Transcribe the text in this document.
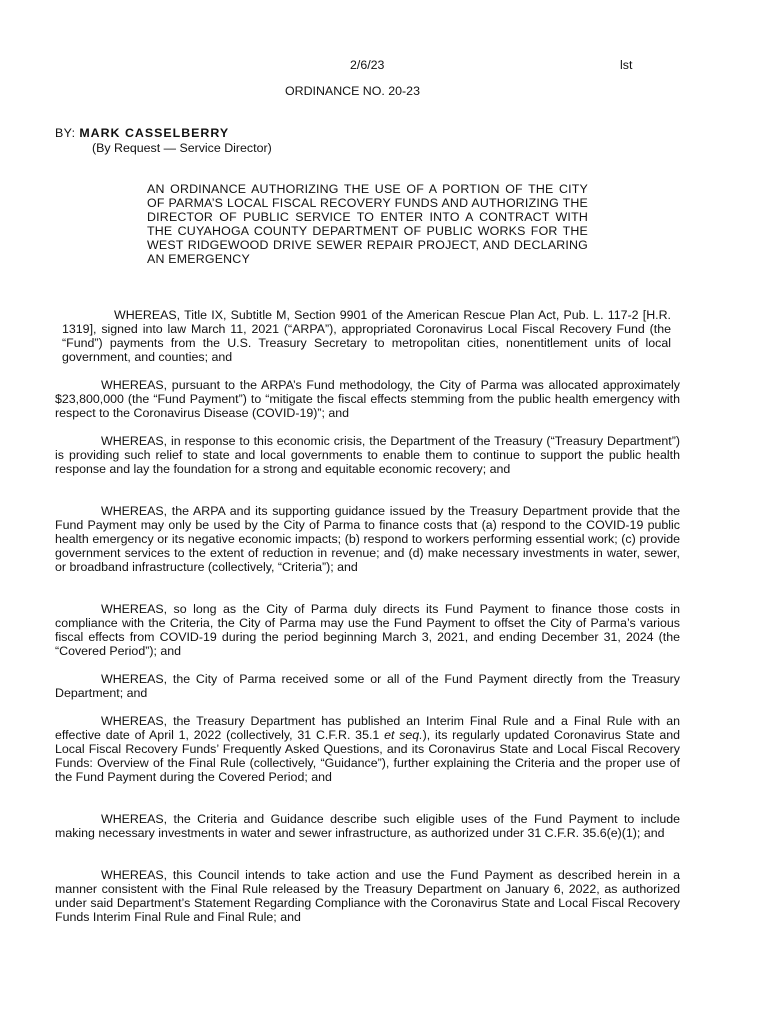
2/6/23	lst
ORDINANCE NO. 20-23
BY: MARK CASSELBERRY
(By Request — Service Director)
AN ORDINANCE AUTHORIZING THE USE OF A PORTION OF THE CITY OF PARMA’S LOCAL FISCAL RECOVERY FUNDS AND AUTHORIZING THE DIRECTOR OF PUBLIC SERVICE TO ENTER INTO A CONTRACT WITH THE CUYAHOGA COUNTY DEPARTMENT OF PUBLIC WORKS FOR THE WEST RIDGEWOOD DRIVE SEWER REPAIR PROJECT, AND DECLARING AN EMERGENCY
WHEREAS, Title IX, Subtitle M, Section 9901 of the American Rescue Plan Act, Pub. L. 117-2 [H.R. 1319], signed into law March 11, 2021 (“ARPA”), appropriated Coronavirus Local Fiscal Recovery Fund (the “Fund”) payments from the U.S. Treasury Secretary to metropolitan cities, nonentitlement units of local government, and counties; and
WHEREAS, pursuant to the ARPA’s Fund methodology, the City of Parma was allocated approximately $23,800,000 (the “Fund Payment”) to “mitigate the fiscal effects stemming from the public health emergency with respect to the Coronavirus Disease (COVID-19)”; and
WHEREAS, in response to this economic crisis, the Department of the Treasury (“Treasury Department”) is providing such relief to state and local governments to enable them to continue to support the public health response and lay the foundation for a strong and equitable economic recovery; and
WHEREAS, the ARPA and its supporting guidance issued by the Treasury Department provide that the Fund Payment may only be used by the City of Parma to finance costs that (a) respond to the COVID-19 public health emergency or its negative economic impacts; (b) respond to workers performing essential work; (c) provide government services to the extent of reduction in revenue; and (d) make necessary investments in water, sewer, or broadband infrastructure (collectively, “Criteria”); and
WHEREAS, so long as the City of Parma duly directs its Fund Payment to finance those costs in compliance with the Criteria, the City of Parma may use the Fund Payment to offset the City of Parma’s various fiscal effects from COVID-19 during the period beginning March 3, 2021, and ending December 31, 2024 (the “Covered Period”); and
WHEREAS, the City of Parma received some or all of the Fund Payment directly from the Treasury Department; and
WHEREAS, the Treasury Department has published an Interim Final Rule and a Final Rule with an effective date of April 1, 2022 (collectively, 31 C.F.R. 35.1 et seq.), its regularly updated Coronavirus State and Local Fiscal Recovery Funds’ Frequently Asked Questions, and its Coronavirus State and Local Fiscal Recovery Funds: Overview of the Final Rule (collectively, “Guidance”), further explaining the Criteria and the proper use of the Fund Payment during the Covered Period; and
WHEREAS, the Criteria and Guidance describe such eligible uses of the Fund Payment to include making necessary investments in water and sewer infrastructure, as authorized under 31 C.F.R. 35.6(e)(1); and
WHEREAS, this Council intends to take action and use the Fund Payment as described herein in a manner consistent with the Final Rule released by the Treasury Department on January 6, 2022, as authorized under said Department’s Statement Regarding Compliance with the Coronavirus State and Local Fiscal Recovery Funds Interim Final Rule and Final Rule; and
